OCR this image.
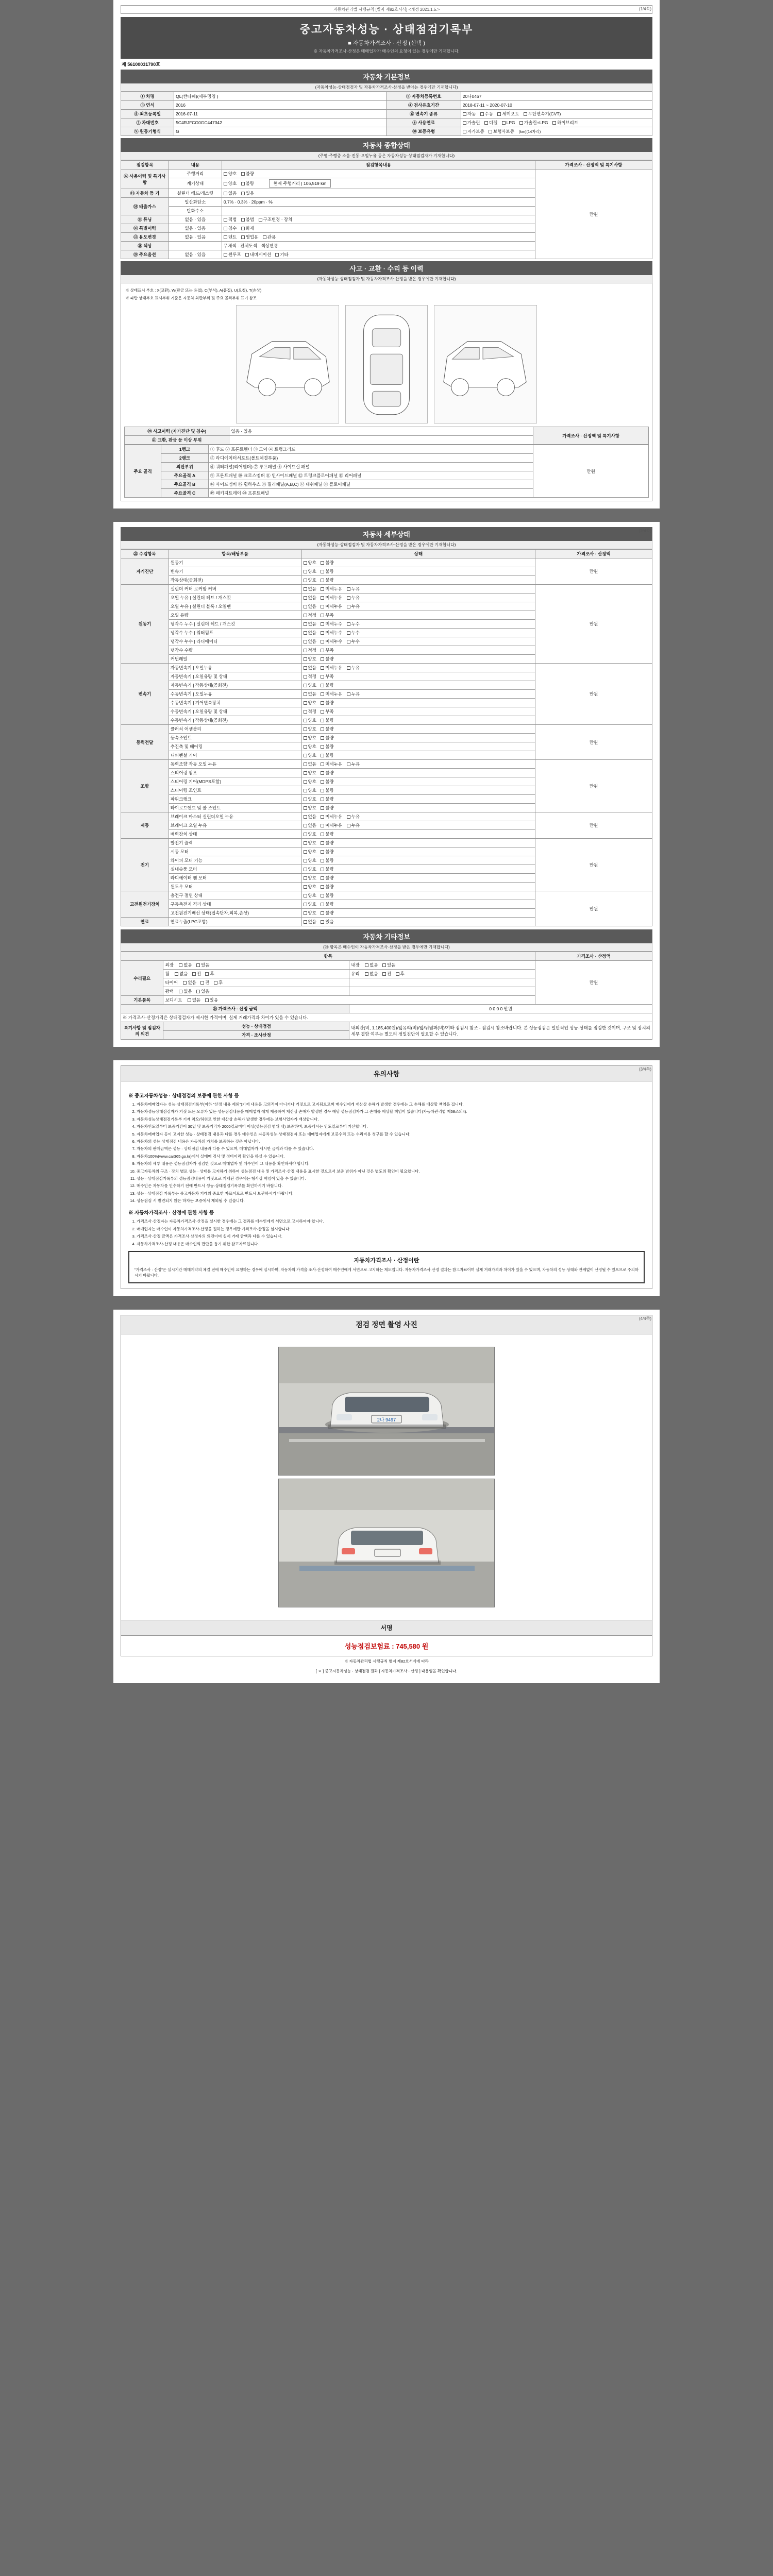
자동차관리법 시행규칙 [별지 제82호서식] <개정 2021.1.5.>	(1/4쪽)
중고자동차성능 · 상태점검기록부
■ 자동차가격조사 · 산정 (선택 )
※ 자동차가격조사·산정은 매매업자가 매수인의 요청이 있는 경우에만 기재합니다.
제 56100031790호
자동차 기본정보
(자동차성능·상태점검자 및 자동차가격조사·산정을 받아는 경우에만 기재합니다)
① 차명	QL(싼타페)(세부명칭 )	② 자동차등록번호	20나0467
③ 연식	2016	④ 검사유효기간	2018-07-11 ~ 2020-07-10
⑤ 최초등록일	2016-07-11	⑥ 변속기 종류	자동 수동 세미오토 무단변속기(CVT)
⑦ 차대번호	5C4RJFCG0GC447342	⑧ 사용연료	가솔린 디젤 LPG 가솔린+LPG 하이브리드
⑨ 원동기형식	G	⑩ 보증유형	자가보증 보험사보증 (km)(14자리)
자동차 종합상태
(주행·주행중 소음·진동·오일누유 등은 자동차성능·상태점검자가 기재합니다)
점검항목	내용	점검항목내용	가격조사 · 산정액 및 특기사항
⑫ 사용이력 및 특기사항	주행거리	양호 불량	만원

	계기상태	양호 불량 현재 주행거리 | 106,519 km	
⑬ 자동차 등 기	실린더 헤드/개스킷	없음 있음	
⑭ 배출가스	일산화탄소	0.7% · 0.3% · 20ppm · %	
	탄화수소		
⑮ 튜닝	없음 · 있음	적법 불법 구조변경 · 장치	
⑯ 특별이력	없음 · 있음	침수 화재	
⑰ 용도변경	없음 · 있음	렌트 영업용 관용	
⑱ 색상		무채색 · 전체도색 · 색상변경	
⑲ 주요옵션	없음 · 있음	썬루프 내비게이션 기타	
사고 · 교환 · 수리 등 이력
(자동차성능·상태점검자 및 자동차가격조사·산정을 받은 경우에만 기재합니다)
※ 상태표시 부호 : X(교환), W(판금 또는 용접), C(부식), A(흠집), U(요철), T(손상)
※ 파란 상태부호 표시부위 기준은 자동차 외판부위 및 주요 골격부위 표기 참조
⑳ 사고이력 (자가진단 및 침수)	없음 · 있음	가격조사 · 산정액 및 특기사항
㉑ 교환, 판금 등 이상 부위		
주요 골격	1랭크	① 후드 ② 프론트휀더 ③ 도어 ④ 트렁크리드	만원
	2랭크	⑤ 라디에이터서포트(볼트체결부품)	
	외판부위	⑥ 쿼터패널(리어휀더) ⑦ 루프패널 ⑧ 사이드실 패널	
	주요골격 A	⑨ 프론트패널 ⑩ 크로스멤버 ⑪ 인사이드패널 ⑫ 트렁크플로어패널 ⑬ 리어패널	
	주요골격 B	⑭ 사이드멤버 ⑮ 휠하우스 ⑯ 필러패널(A,B,C) ⑰ 대쉬패널 ⑱ 플로어패널	
	주요골격 C	⑲ 패키지트레이 ⑳ 프론트패널	
(2/4쪽)
자동차 세부상태
(자동차성능·상태점검자 및 자동차가격조사·산정을 받은 경우에만 기재합니다)
㉒ 수검항목	항목/해당부품	상태	가격조사 · 산정액
자기진단	원동기	양호 불량	만원
	변속기	양호 불량	
	작동상태(공회전)	양호 불량	
원동기	실린더 커버 로커암 커버	없음 미세누유 누유	만원
	오일 누유 | 실린더 헤드 / 개스킷	없음 미세누유 누유	
	오일 누유 | 실린더 블록 / 오일팬	없음 미세누유 누유	
	오일 유량	적정 부족	
	냉각수 누수 | 실린더 헤드 / 개스킷	없음 미세누수 누수	
	냉각수 누수 | 워터펌프	없음 미세누수 누수	
	냉각수 누수 | 라디에이터	없음 미세누수 누수	
	냉각수 수량	적정 부족	
	커먼레일	양호 불량	
변속기	자동변속기 | 오일누유	없음 미세누유 누유	만원
	자동변속기 | 오일유량 및 상태	적정 부족	
	자동변속기 | 작동상태(공회전)	양호 불량	
	수동변속기 | 오일누유	없음 미세누유 누유	
	수동변속기 | 기어변속장치	양호 불량	
	수동변속기 | 오일유량 및 상태	적정 부족	
	수동변속기 | 작동상태(공회전)	양호 불량	
동력전달	클러치 어셈블리	양호 불량	만원
	등속조인트	양호 불량	
	추진축 및 베어링	양호 불량	
	디퍼렌셜 기어	양호 불량	
조향	동력조향 작동 오일 누유	없음 미세누유 누유	만원
	스티어링 펌프	양호 불량	
	스티어링 기어(MDPS포함)	양호 불량	
	스티어링 조인트	양호 불량	
	파워크랭크	양호 불량	
	타이로드엔드 및 볼 조인트	양호 불량	
제동	브레이크 마스터 실린더오일 누유	없음 미세누유 누유	만원
	브레이크 오일 누유	없음 미세누유 누유	
	배력장치 상태	양호 불량	
전기	발전기 출력	양호 불량	만원
	시동 모터	양호 불량	
	와이퍼 모터 기능	양호 불량	
	실내송풍 모터	양호 불량	
	라디에이터 팬 모터	양호 불량	
	윈도우 모터	양호 불량	
고전원전기장치	충전구 절연 상태	양호 불량	만원
	구동축전지 격리 상태	양호 불량	
	고전원전기배선 상태(접속단자,피복,손상)	양호 불량	
연료	연료누출(LPG포함)	없음 있음	
자동차 기타정보
(㉓ 항목은 매수인이 자동차가격조사·산정을 받은 경우에만 기재합니다)
항목			가격조사 · 산정액
수리필요	외장 없음 있음	내장 없음 있음	만원
	휠 없음 전 후	유리 없음 전 후	
	타이어 없음 전 후		
	광택 없음 있음		
기본품목	보디시트 없음 있음		
㉔ 가격조사 · 산정 금액		0 0 0 0 만원	
※ 가격조사·산정가격은 상태점검자가 제시한 가격이며, 실제 거래가격과 차이가 있을 수 있습니다.			
특기사항 및 점검자의 의견	성능 · 상태점검	내외관(비, 1,185,400원)/앞유리(비)/앞/뒤범퍼(비)/기타 점검시 참조 - 점검시 참조바랍니다. 본 성능점검은 일반적인 성능·상태를 점검한 것이며, 구조 및 장치의 세부 결함 여부는 별도의 정밀진단이 필요할 수 있습니다.	
	가격 · 조사산정		
(3/4쪽)
유의사항
※ 중고자동차성능 · 상태점검의 보증에 관한 사항 등
1. 자동차매매업자는 성능·상태점검기록부(이하 "산정 내용 제외")기재 내용을 고의적이 아니거나 거짓으로 고지됨으로써 매수인에게 재산상 손해가 발생한 경우에는 그 손해를 배상할 책임을 집니다.
2. 자동차성능상태점검자가 거짓 또는 오류가 있는 성능점검내용을 매매업자 에게 제공하여 재산상 손해가 발생한 경우 해당 성능점검자가 그 손해를 배상할 책임이 있습니다(자동차관리법 제58조의4).
3. 자동차성능상태점검기록부 기재 착오/허위로 인한 재산상 손해가 발생한 경우에는 보험사업자가 배상합니다.
4. 자동차인도일부터 보증기간이 30일 및 보증거리가 2000킬로미터 이상(성능점검 범위 내) 보증하며, 보증개시는 인도일로부터 기산합니다.
5. 자동차매매업자 등이 고지한 성능 · 상태점검 내용과 다를 경우 매수인은 자동차성능·상태점검자 또는 매매업자에게 보증수리 또는 수리비용 청구를 할 수 있습니다.
6. 자동차의 성능·상태점검 내용은 자동차의 가치를 보증하는 것은 아닙니다.
7. 자동차의 판매금액은 성능 · 상태점검 내용과 다를 수 있으며, 매매업자가 제시한 금액과 다를 수 있습니다.
8. 자동차100%(www.car365.go.kr)에서 실매매 검사 및 정비이력 확인을 하실 수 있습니다.
9. 자동차의 세부 내용은 성능점검자가 점검한 것으로 매매업자 및 매수인이 그 내용을 확인하셔야 합니다.
10. 중고자동차의 구조 · 장치 별로 성능 · 상태를 고지하기 위하여 성능점검 내용 및 가격조사·산정 내용을 표시한 것으로서 보증 범위가 아닌 것은 별도의 확인이 필요합니다.
11. 성능 · 상태점검기록부의 성능점검내용이 거짓으로 기재된 경우에는 형사상 책임이 있을 수 있습니다.
12. 매수인은 자동차를 인수하기 전에 반드시 성능·상태점검기록부를 확인하시기 바랍니다.
13. 성능 · 상태점검 기록부는 중고자동차 거래의 중요한 자료이므로 반드시 보관하시기 바랍니다.
14. 성능점검 시 발견되지 않은 하자는 보증에서 제외될 수 있습니다.
※ 자동차가격조사 · 산정에 관한 사항 등
1. 가격조사·산정자는 자동차가격조사·산정을 실시한 경우에는 그 결과를 매수인에게 서면으로 고지하여야 합니다.
2. 매매업자는 매수인이 자동차가격조사·산정을 원하는 경우에만 가격조사·산정을 실시합니다.
3. 가격조사·산정 금액은 가격조사·산정자의 의견이며 실제 거래 금액과 다를 수 있습니다.
4. 자동차가격조사·산정 내용은 매수인의 판단을 돕기 위한 참고자료입니다.
자동차가격조사 · 산정이란
"가격조사 · 산정"은 실시기간 매매계약의 체결 전에 매수인이 요청하는 경우에 실시하며, 자동차의 가격을 조사·산정하여 매수인에게 서면으로 고지하는 제도입니다. 자동차가격조사·산정 결과는 참고자료이며 실제 거래가격과 차이가 있을 수 있으며, 자동차의 성능·상태와 관계없이 산정될 수 있으므로 주의하시기 바랍니다.
(4/4쪽)
점검 정면 촬영 사진
2나 9497
서명
성능점검보험료 : 745,580 원
※ 자동차관리법 시행규칙 별지 제82호서식에 따라
[ ㅇ ] 중고자동차성능 · 상태점검 결과 [ 자동차가격조사 · 산정 ] 내용임을 확인합니다.
